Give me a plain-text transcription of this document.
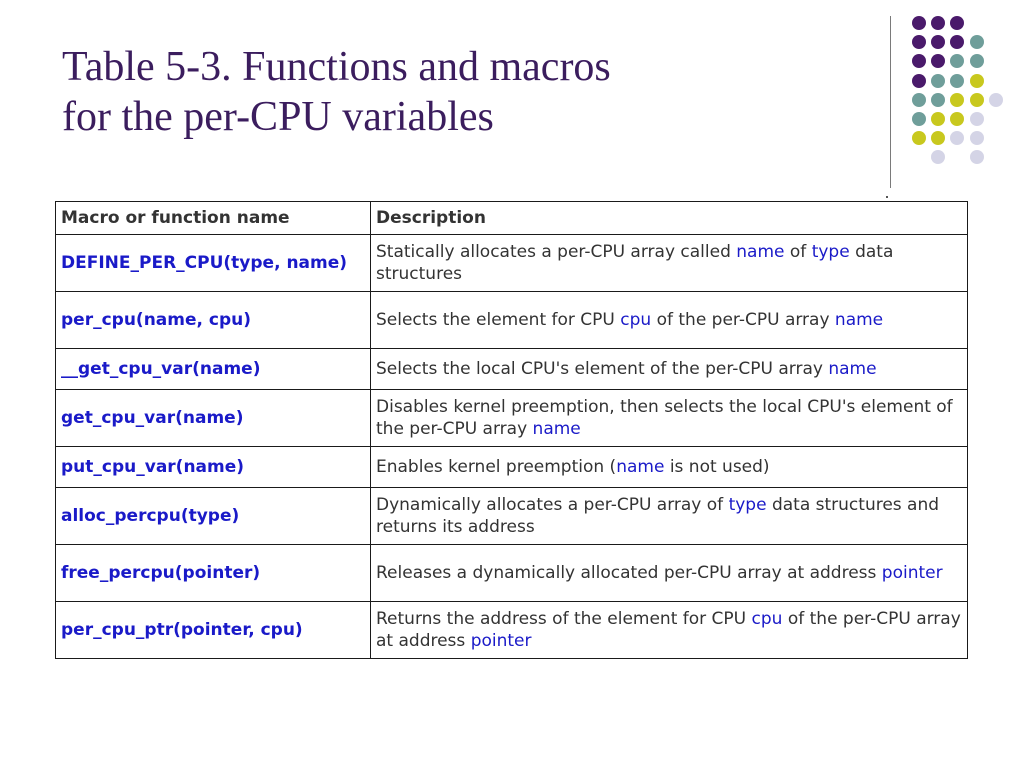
Table 5-3. Functions and macros
for the per-CPU variables
Macro or function name	Description
DEFINE_PER_CPU(type, name)	Statically allocates a per-CPU array called name of type data structures
per_cpu(name, cpu)	Selects the element for CPU cpu of the per-CPU array name
__get_cpu_var(name)	Selects the local CPU's element of the per-CPU array name
get_cpu_var(name)	Disables kernel preemption, then selects the local CPU's element of the per-CPU array name
put_cpu_var(name)	Enables kernel preemption (name is not used)
alloc_percpu(type)	Dynamically allocates a per-CPU array of type data structures and returns its address
free_percpu(pointer)	Releases a dynamically allocated per-CPU array at address pointer
per_cpu_ptr(pointer, cpu)	Returns the address of the element for CPU cpu of the per-CPU array at address pointer
